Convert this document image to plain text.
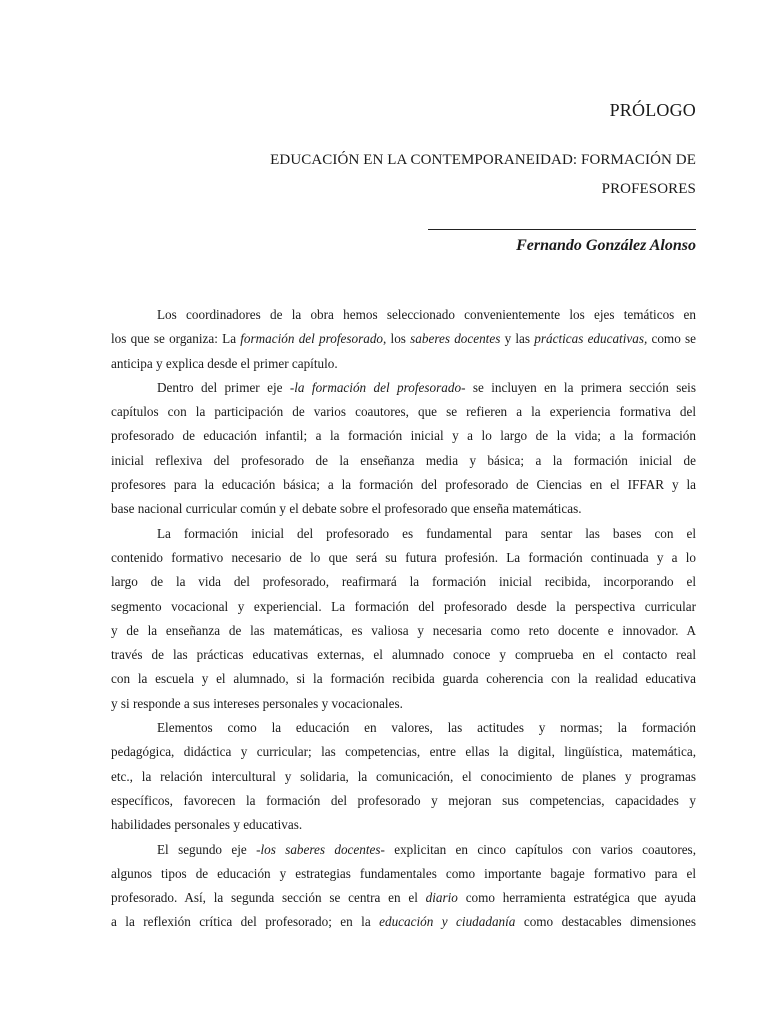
PRÓLOGO
EDUCACIÓN EN LA CONTEMPORANEIDAD: FORMACIÓN DE
PROFESORES
Fernando González Alonso
Los coordinadores de la obra hemos seleccionado convenientemente los ejes temáticos en
los que se organiza: La formación del profesorado, los saberes docentes y las prácticas educativas, como se
anticipa y explica desde el primer capítulo.
Dentro del primer eje -la formación del profesorado- se incluyen en la primera sección seis
capítulos con la participación de varios coautores, que se refieren a la experiencia formativa del
profesorado de educación infantil; a la formación inicial y a lo largo de la vida; a la formación
inicial reflexiva del profesorado de la enseñanza media y básica; a la formación inicial de
profesores para la educación básica; a la formación del profesorado de Ciencias en el IFFAR y la
base nacional curricular común y el debate sobre el profesorado que enseña matemáticas.
La formación inicial del profesorado es fundamental para sentar las bases con el
contenido formativo necesario de lo que será su futura profesión. La formación continuada y a lo
largo de la vida del profesorado, reafirmará la formación inicial recibida, incorporando el
segmento vocacional y experiencial. La formación del profesorado desde la perspectiva curricular
y de la enseñanza de las matemáticas, es valiosa y necesaria como reto docente e innovador. A
través de las prácticas educativas externas, el alumnado conoce y comprueba en el contacto real
con la escuela y el alumnado, si la formación recibida guarda coherencia con la realidad educativa
y si responde a sus intereses personales y vocacionales.
Elementos como la educación en valores, las actitudes y normas; la formación
pedagógica, didáctica y curricular; las competencias, entre ellas la digital, lingüística, matemática,
etc., la relación intercultural y solidaria, la comunicación, el conocimiento de planes y programas
específicos, favorecen la formación del profesorado y mejoran sus competencias, capacidades y
habilidades personales y educativas.
El segundo eje -los saberes docentes- explicitan en cinco capítulos con varios coautores,
algunos tipos de educación y estrategias fundamentales como importante bagaje formativo para el
profesorado. Así, la segunda sección se centra en el diario como herramienta estratégica que ayuda
a la reflexión crítica del profesorado; en la educación y ciudadanía como destacables dimensiones
